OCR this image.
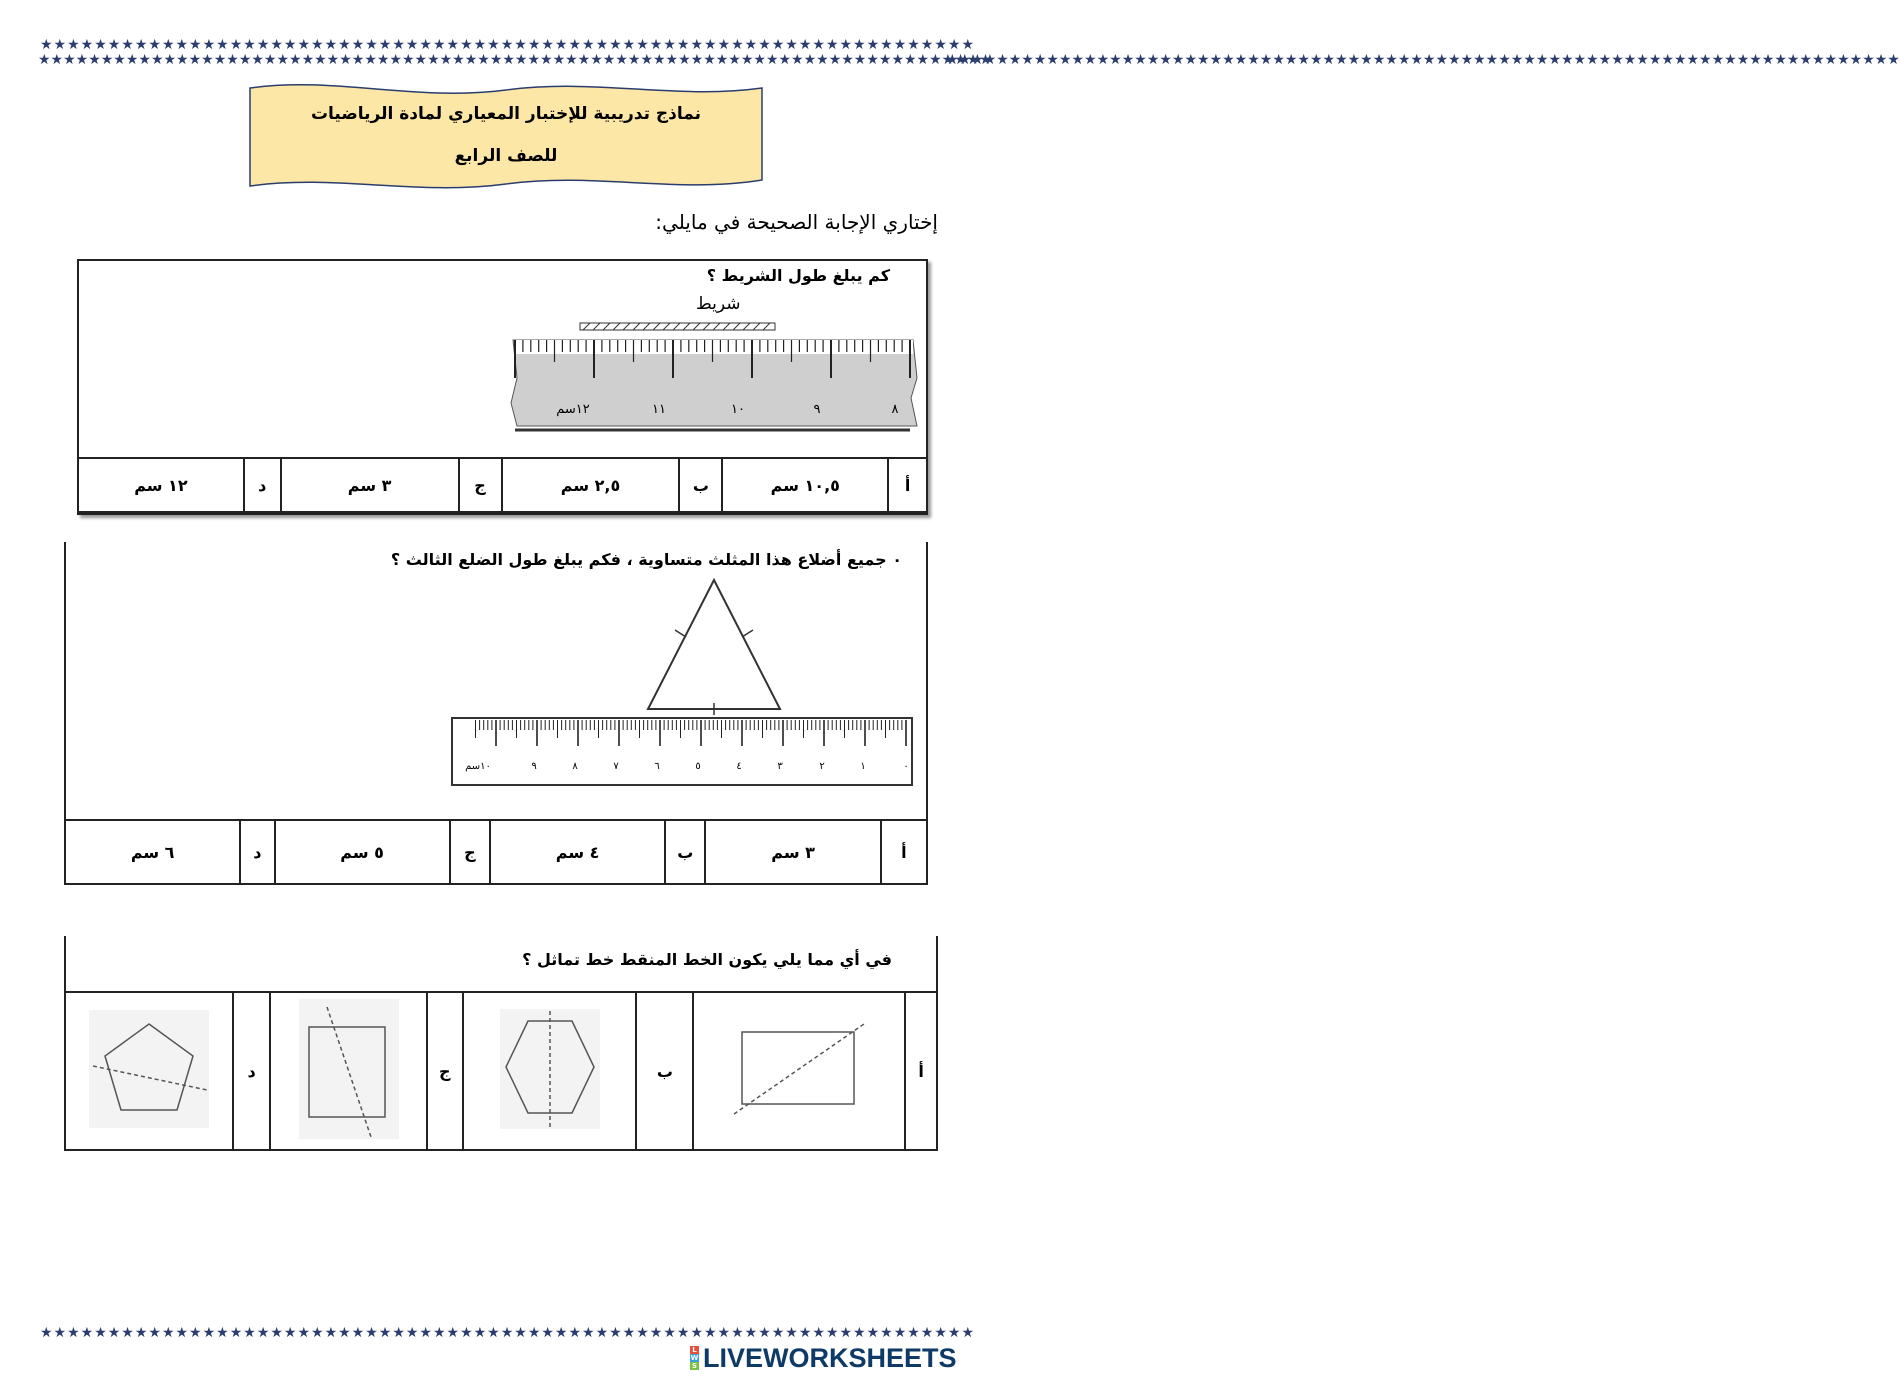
★★★★★★★★★★★★★★★★★★★★★★★★★★★★★★★★★★★★★★★★★★★★★★★★★★★★★★★★★★★★★★★★★★★★★
★★★★★★★★★★★★★★★★★★★★★★★★★★★★★★★★★★★★★★★★★★★★★★★★★★★★★★★★★★★★★★★★★★★★★
★★★★★★★★★★★★★★★★★★★★★★★★★★★★★★★★★★★★★★★★★★★★★★★★★★★★★★★★★★★★★★★★★★★★★★★★★★★★
★★★★★★★★★★★★★★★★★★★★★★★★★★★★★★★★★★★★★★★★★★★★★★★★★★★★★★★★★★★★★★★★★★★★★★★★★★★★
نماذج تدريبية للإختبار المعياري لمادة الرياضيات
للصف الرابع
إختاري الإجابة الصحيحة في مايلي:
كم يبلغ طول الشريط ؟
شريط
٨
٩
١٠
١١
١٢سم
أ	١٠,٥ سم	ب	٢,٥ سم	ج	٣ سم	د	١٢ سم
٠ جميع أضلاع هذا المثلث متساوية ، فكم يبلغ طول الضلع الثالث ؟
٠
١
٢
٣
٤
٥
٦
٧
٨
٩
١٠سم
أ	٣ سم	ب	٤ سم	ج	٥ سم	د	٦ سم
في أي مما يلي يكون الخط المنقط خط تماثل ؟
أ		ب		ج		د	
L
W
S LIVEWORKSHEETS
